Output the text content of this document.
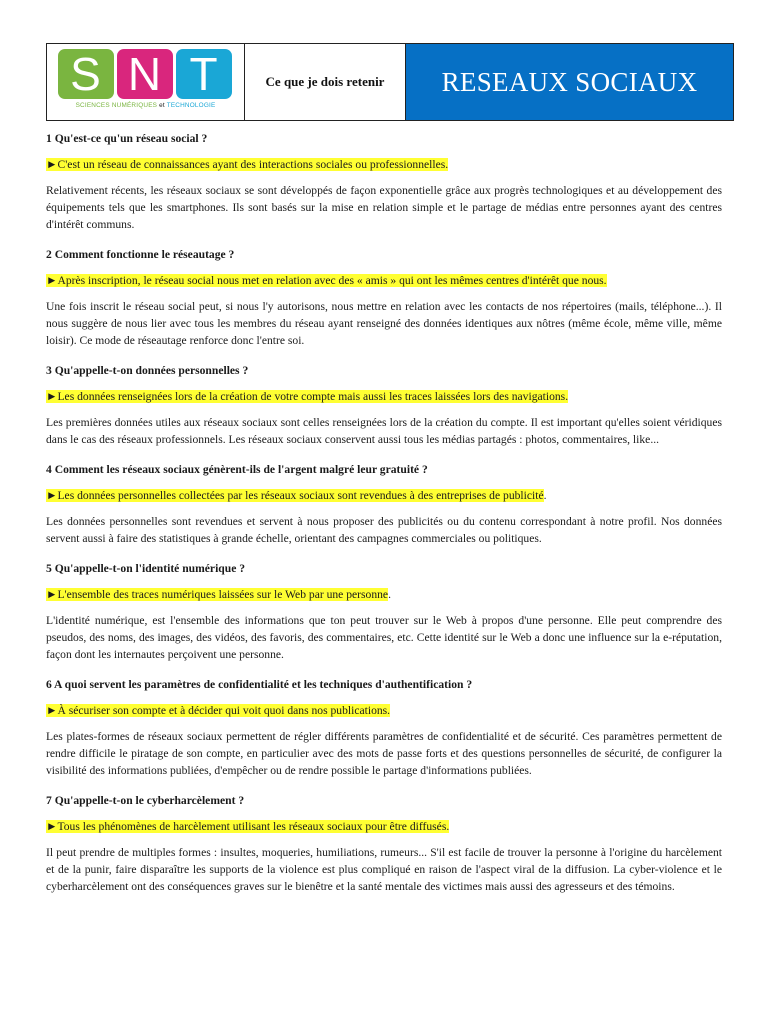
S N T
SCIENCES NUMÉRIQUES et TECHNOLOGIE
Ce que je dois retenir	RESEAUX SOCIAUX

1 Qu'est-ce qu'un réseau social ?

►C'est un réseau de connaissances ayant des interactions sociales ou professionnelles.

Relativement récents, les réseaux sociaux se sont développés de façon exponentielle grâce aux progrès technologiques et au développement des équipements tels que les smartphones. Ils sont basés sur la mise en relation simple et le partage de médias entre personnes ayant des centres d'intérêt communs.

2 Comment fonctionne le réseautage ?

►Après inscription, le réseau social nous met en relation avec des « amis » qui ont les mêmes centres d'intérêt que nous.

Une fois inscrit le réseau social peut, si nous l'y autorisons, nous mettre en relation avec les contacts de nos répertoires (mails, téléphone...). Il nous suggère de nous lier avec tous les membres du réseau ayant renseigné des données identiques aux nôtres (même école, même ville, même loisir). Ce mode de réseautage renforce donc l'entre soi.

3 Qu'appelle-t-on données personnelles ?

►Les données renseignées lors de la création de votre compte mais aussi les traces laissées lors des navigations.

Les premières données utiles aux réseaux sociaux sont celles renseignées lors de la création du compte. Il est important qu'elles soient véridiques dans le cas des réseaux professionnels. Les réseaux sociaux conservent aussi tous les médias partagés : photos, commentaires, like...

4 Comment les réseaux sociaux génèrent-ils de l'argent malgré leur gratuité ?

►Les données personnelles collectées par les réseaux sociaux sont revendues à des entreprises de publicité.

Les données personnelles sont revendues et servent à nous proposer des publicités ou du contenu correspondant à notre profil. Nos données servent aussi à faire des statistiques à grande échelle, orientant des campagnes commerciales ou politiques.

5 Qu'appelle-t-on l'identité numérique ?

►L'ensemble des traces numériques laissées sur le Web par une personne.

L'identité numérique, est l'ensemble des informations que ton peut trouver sur le Web à propos d'une personne. Elle peut comprendre des pseudos, des noms, des images, des vidéos, des favoris, des commentaires, etc. Cette identité sur le Web a donc une influence sur la e-réputation, façon dont les internautes perçoivent une personne.

6 A quoi servent les paramètres de confidentialité et les techniques d'authentification ?

►À sécuriser son compte et à décider qui voit quoi dans nos publications.

Les plates-formes de réseaux sociaux permettent de régler différents paramètres de confidentialité et de sécurité. Ces paramètres permettent de rendre difficile le piratage de son compte, en particulier avec des mots de passe forts et des questions personnelles de sécurité, de configurer la visibilité des informations publiées, d'empêcher ou de rendre possible le partage d'informations publiées.

7 Qu'appelle-t-on le cyberharcèlement ?

►Tous les phénomènes de harcèlement utilisant les réseaux sociaux pour être diffusés.

Il peut prendre de multiples formes : insultes, moqueries, humiliations, rumeurs... S'il est facile de trouver la personne à l'origine du harcèlement et de la punir, faire disparaître les supports de la violence est plus compliqué en raison de l'aspect viral de la diffusion. La cyber-violence et le cyberharcèlement ont des conséquences graves sur le bienêtre et la santé mentale des victimes mais aussi des agresseurs et des témoins.
